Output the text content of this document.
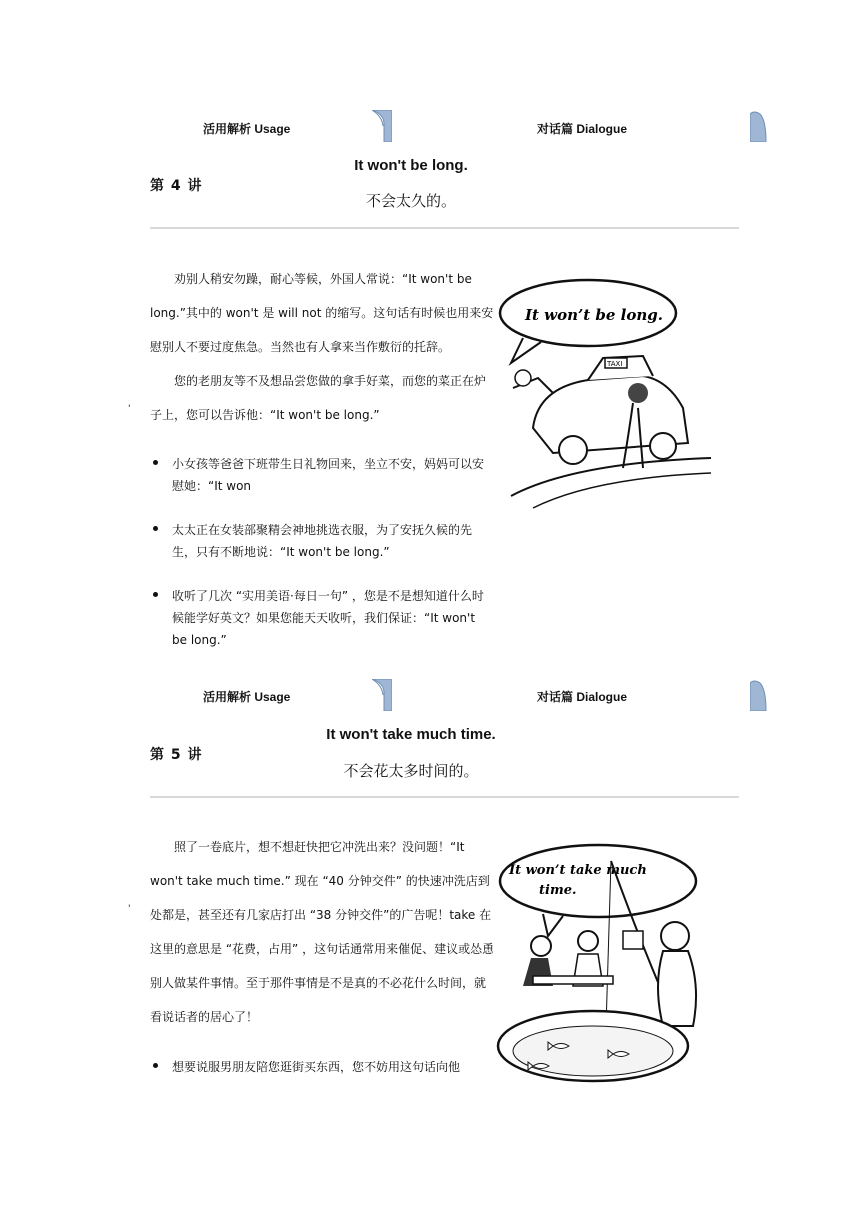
活用解析 Usage	对话篇 Dialogue
第 4 讲
It won't be long.
不会太久的。

劝别人稍安勿躁，耐心等候，外国人常说：“It won't be long.”其中的 won't 是 will not 的缩写。这句话有时候也用来安慰别人不要过度焦急。当然也有人拿来当作敷衍的托辞。

您的老朋友等不及想品尝您做的拿手好菜，而您的菜正在炉子上，您可以告诉他：“It won't be long.”

'
小女孩等爸爸下班带生日礼物回来，坐立不安，妈妈可以安慰她：“It won
太太正在女装部聚精会神地挑选衣服，为了安抚久候的先生，只有不断地说：“It won't be long.”
收听了几次 “实用美语·每日一句” ，您是不是想知道什么时候能学好英文？如果您能天天收听，我们保证：“It won't be long.”
It won’t be long.
TAXI
活用解析 Usage	对话篇 Dialogue
第 5 讲
It won't take much time.
不会花太多时间的。

照了一卷底片，想不想赶快把它冲洗出来？没问题！“It won't take much time.” 现在 “40 分钟交件” 的快速冲洗店到处都是，甚至还有几家店打出 “38 分钟交件”的广告呢！take 在这里的意思是 “花费，占用” ，这句话通常用来催促、建议或怂恿别人做某件事情。至于那件事情是不是真的不必花什么时间，就看说话者的居心了！

'
想要说服男朋友陪您逛街买东西，您不妨用这句话向他
It won’t take much
time.
